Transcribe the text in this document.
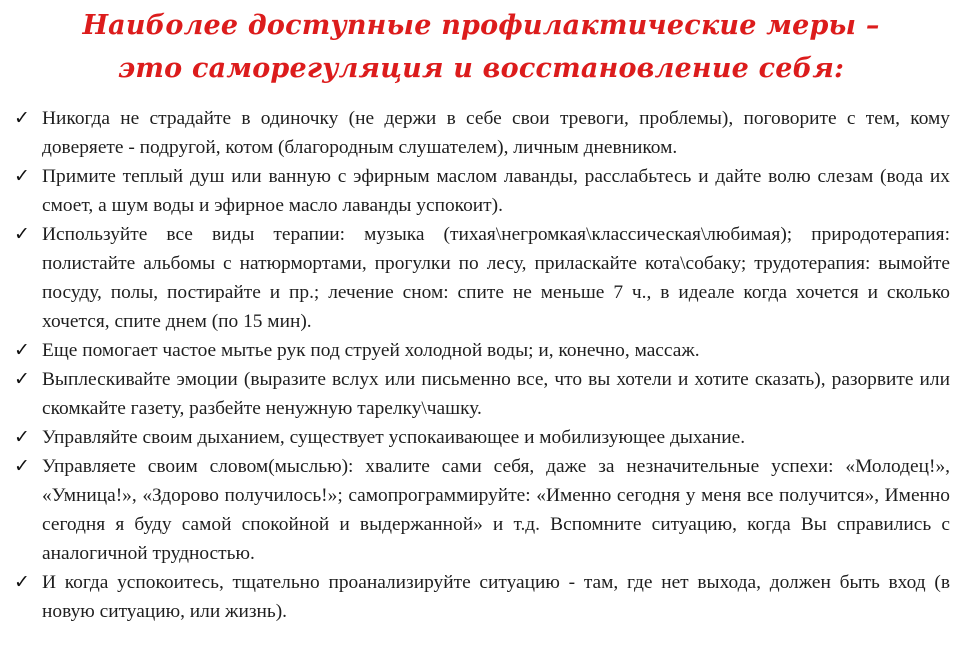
Наиболее доступные профилактические меры –
это саморегуляция и восстановление себя:
✓ Никогда не страдайте в одиночку (не держи в себе свои тревоги, проблемы), поговорите с тем, кому доверяете - подругой, котом (благородным слушателем), личным дневником.
✓ Примите теплый душ или ванную с эфирным маслом лаванды, расслабьтесь и дайте волю слезам (вода их смоет, а шум воды и эфирное масло лаванды успокоит).
✓ Используйте все виды терапии: музыка (тихая\негромкая\классическая\любимая); природотерапия: полистайте альбомы с натюрмортами, прогулки по лесу, приласкайте кота\собаку; трудотерапия: вымойте посуду, полы, постирайте и пр.; лечение сном: спите не меньше 7 ч., в идеале когда хочется и сколько хочется, спите днем (по 15 мин).
✓ Еще помогает частое мытье рук под струей холодной воды; и, конечно, массаж.
✓ Выплескивайте эмоции (выразите вслух или письменно все, что вы хотели и хотите сказать), разорвите или скомкайте газету, разбейте ненужную тарелку\чашку.
✓ Управляйте своим дыханием, существует успокаивающее и мобилизующее дыхание.
✓ Управляете своим словом(мыслью): хвалите сами себя, даже за незначительные успехи: «Молодец!», «Умница!», «Здорово получилось!»; самопрограммируйте: «Именно сегодня у меня все получится», Именно сегодня я буду самой спокойной и выдержанной» и т.д. Вспомните ситуацию, когда Вы справились с аналогичной трудностью.
✓ И когда успокоитесь, тщательно проанализируйте ситуацию - там, где нет выхода, должен быть вход (в новую ситуацию, или жизнь).
